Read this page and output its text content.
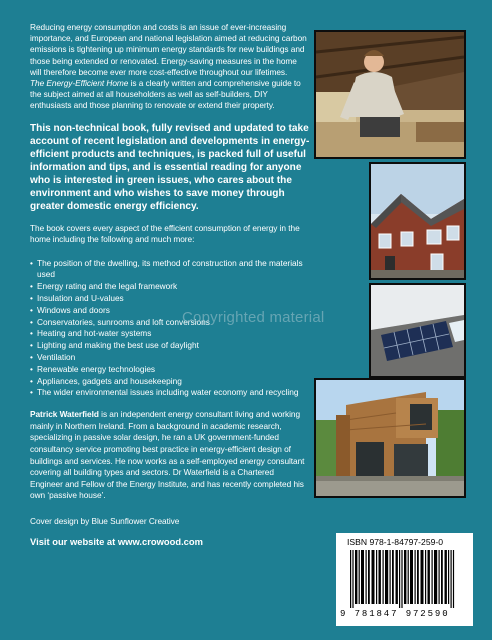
Reducing energy consumption and costs is an issue of ever-increasing importance, and European and national legislation aimed at reducing carbon emissions is tightening up minimum energy standards for new buildings and those being extended or renovated. Energy-saving measures in the home will therefore become ever more cost-effective throughout our lifetimes.
The Energy-Efficient Home is a clearly written and comprehensive guide to the subject aimed at all householders as well as self-builders, DIY enthusiasts and those planning to renovate or extend their property.

This non-technical book, fully revised and updated to take account of recent legislation and developments in energy-efficient products and techniques, is packed full of useful information and tips, and is essential reading for anyone who is interested in green issues, who cares about the environment and who wishes to save money through greater domestic energy efficiency.

The book covers every aspect of the efficient consumption of energy in the home including the following and much more:

• The position of the dwelling, its method of construction and the materials used
• Energy rating and the legal framework
• Insulation and U-values
• Windows and doors
• Conservatories, sunrooms and loft conversions
• Heating and hot-water systems
• Lighting and making the best use of daylight
• Ventilation
• Renewable energy technologies
• Appliances, gadgets and housekeeping
• The wider environmental issues including water economy and recycling

Patrick Waterfield is an independent energy consultant living and working mainly in Northern Ireland. From a background in academic research, specializing in passive solar design, he ran a UK government-funded consultancy service promoting best practice in energy-efficient design of buildings and services. He now works as a self-employed energy consultant covering all building types and sectors. Dr Waterfield is a Chartered Engineer and Fellow of the Energy Institute, and has recently completed his own ‘passive house’.

Cover design by Blue Sunflower Creative

Visit our website at www.crowood.com

Copyrighted material
ISBN 978-1-84797-259-0
9 781847 972590
